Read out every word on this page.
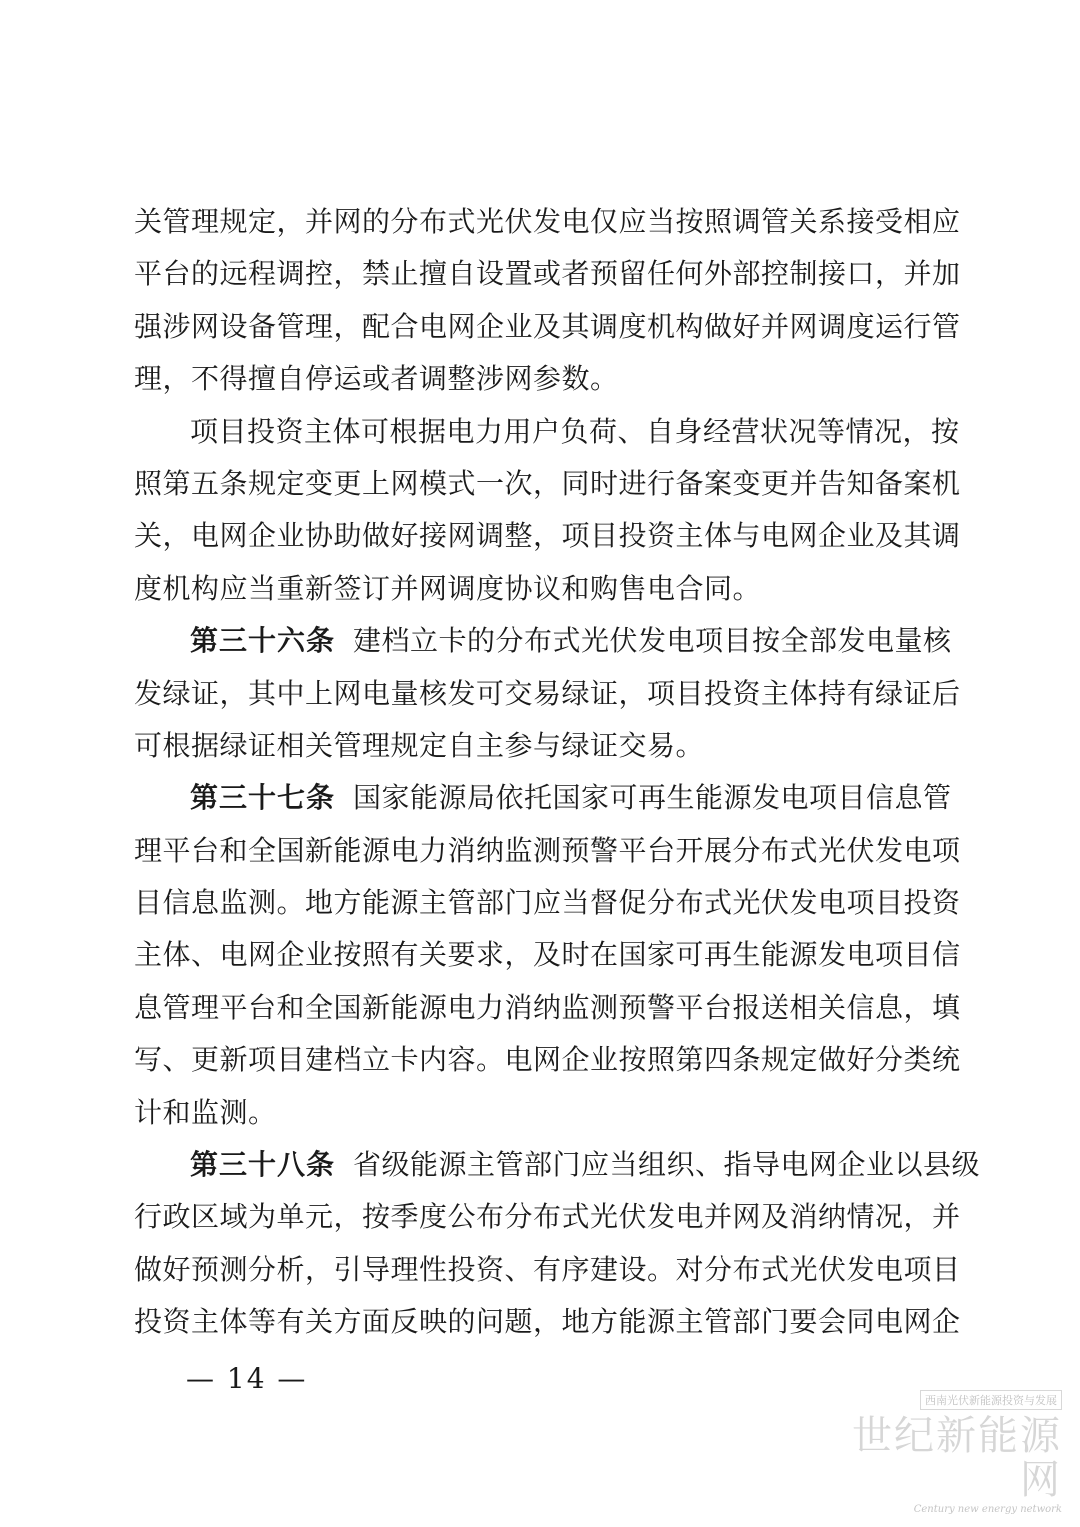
关管理规定，并网的分布式光伏发电仅应当按照调管关系接受相应
平台的远程调控，禁止擅自设置或者预留任何外部控制接口，并加
强涉网设备管理，配合电网企业及其调度机构做好并网调度运行管
理，不得擅自停运或者调整涉网参数。
项目投资主体可根据电力用户负荷、自身经营状况等情况，按
照第五条规定变更上网模式一次，同时进行备案变更并告知备案机
关，电网企业协助做好接网调整，项目投资主体与电网企业及其调
度机构应当重新签订并网调度协议和购售电合同。
第三十六条 建档立卡的分布式光伏发电项目按全部发电量核
发绿证，其中上网电量核发可交易绿证，项目投资主体持有绿证后
可根据绿证相关管理规定自主参与绿证交易。
第三十七条 国家能源局依托国家可再生能源发电项目信息管
理平台和全国新能源电力消纳监测预警平台开展分布式光伏发电项
目信息监测。地方能源主管部门应当督促分布式光伏发电项目投资
主体、电网企业按照有关要求，及时在国家可再生能源发电项目信
息管理平台和全国新能源电力消纳监测预警平台报送相关信息，填
写、更新项目建档立卡内容。电网企业按照第四条规定做好分类统
计和监测。
第三十八条 省级能源主管部门应当组织、指导电网企业以县级
行政区域为单元，按季度公布分布式光伏发电并网及消纳情况，并
做好预测分析，引导理性投资、有序建设。对分布式光伏发电项目
投资主体等有关方面反映的问题，地方能源主管部门要会同电网企
— 14 —
西南光伏新能源投资与发展
世纪新能源网
Century new energy network
